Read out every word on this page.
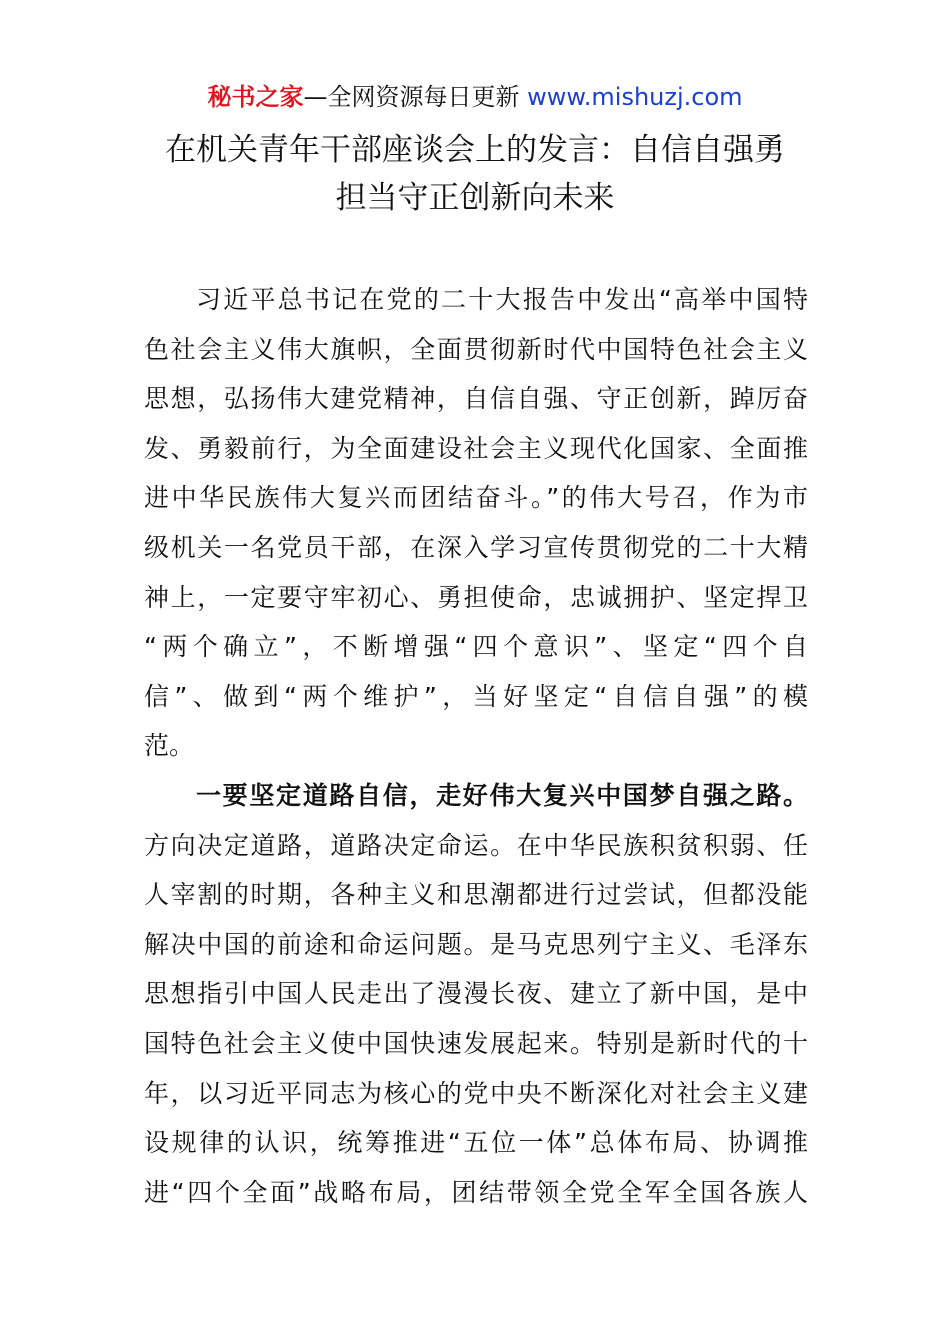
秘书之家—全网资源每日更新 www.mishuzj.com
在机关青年干部座谈会上的发言：自信自强勇
担当守正创新向未来
习近平总书记在党的二十大报告中发出“高举中国特
色社会主义伟大旗帜，全面贯彻新时代中国特色社会主义
思想，弘扬伟大建党精神，自信自强、守正创新，踔厉奋
发、勇毅前行，为全面建设社会主义现代化国家、全面推
进中华民族伟大复兴而团结奋斗。”的伟大号召，作为市
级机关一名党员干部，在深入学习宣传贯彻党的二十大精
神上，一定要守牢初心、勇担使命，忠诚拥护、坚定捍卫
“两个确立”，不断增强“四个意识”、坚定“四个自
信”、做到“两个维护”，当好坚定“自信自强”的模
范。
一要坚定道路自信，走好伟大复兴中国梦自强之路。
方向决定道路，道路决定命运。在中华民族积贫积弱、任
人宰割的时期，各种主义和思潮都进行过尝试，但都没能
解决中国的前途和命运问题。是马克思列宁主义、毛泽东
思想指引中国人民走出了漫漫长夜、建立了新中国，是中
国特色社会主义使中国快速发展起来。特别是新时代的十
年，以习近平同志为核心的党中央不断深化对社会主义建
设规律的认识，统筹推进“五位一体”总体布局、协调推
进“四个全面”战略布局，团结带领全党全军全国各族人
